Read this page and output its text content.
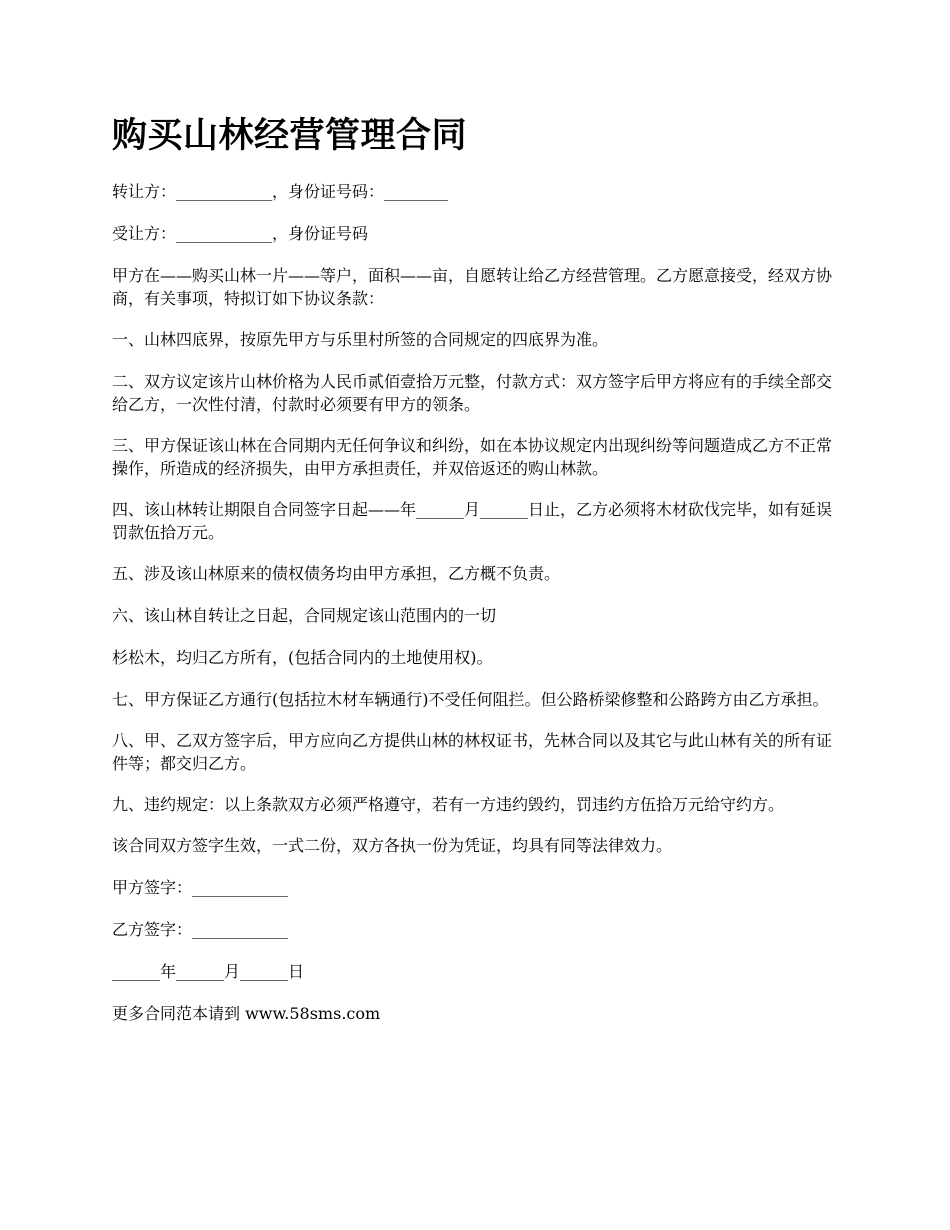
购买山林经营管理合同

转让方：____________，身份证号码：________

受让方：____________，身份证号码

甲方在——购买山林一片——等户，面积——亩，自愿转让给乙方经营管理。乙方愿意接受，经双方协商，有关事项，特拟订如下协议条款：

一、山林四底界，按原先甲方与乐里村所签的合同规定的四底界为准。

二、双方议定该片山林价格为人民币贰佰壹拾万元整，付款方式：双方签字后甲方将应有的手续全部交给乙方，一次性付清，付款时必须要有甲方的领条。

三、甲方保证该山林在合同期内无任何争议和纠纷，如在本协议规定内出现纠纷等问题造成乙方不正常操作，所造成的经济损失，由甲方承担责任，并双倍返还的购山林款。

四、该山林转让期限自合同签字日起——年______月______日止，乙方必须将木材砍伐完毕，如有延误罚款伍拾万元。

五、涉及该山林原来的债权债务均由甲方承担，乙方概不负责。

六、该山林自转让之日起，合同规定该山范围内的一切

杉松木，均归乙方所有，(包括合同内的土地使用权)。

七、甲方保证乙方通行(包括拉木材车辆通行)不受任何阻拦。但公路桥梁修整和公路跨方由乙方承担。

八、甲、乙双方签字后，甲方应向乙方提供山林的林权证书，先林合同以及其它与此山林有关的所有证件等；都交归乙方。

九、违约规定：以上条款双方必须严格遵守，若有一方违约毁约，罚违约方伍拾万元给守约方。

该合同双方签字生效，一式二份，双方各执一份为凭证，均具有同等法律效力。

甲方签字：____________

乙方签字：____________

______年______月______日

更多合同范本请到 www.58sms.com
